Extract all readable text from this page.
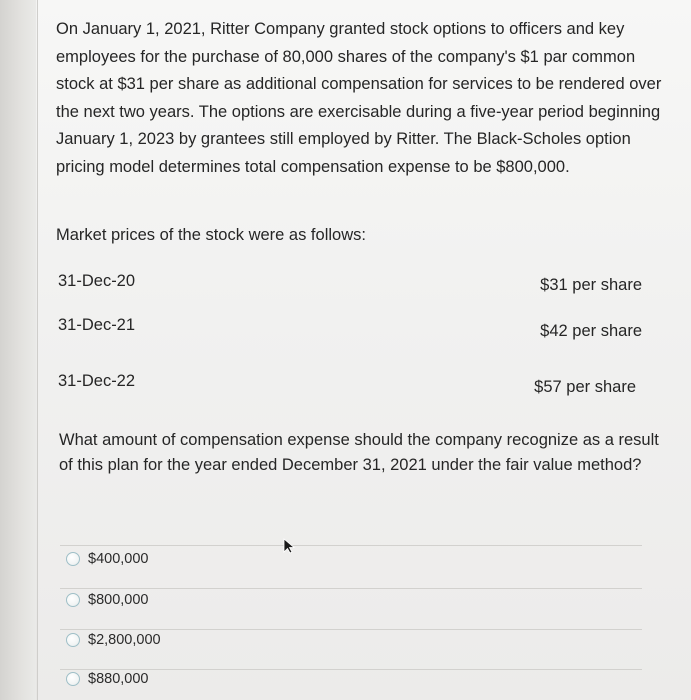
On January 1, 2021, Ritter Company granted stock options to officers and key employees for the purchase of 80,000 shares of the company's $1 par common stock at $31 per share as additional compensation for services to be rendered over the next two years. The options are exercisable during a five-year period beginning January 1, 2023 by grantees still employed by Ritter. The Black-Scholes option pricing model determines total compensation expense to be $800,000.

Market prices of the stock were as follows:

31-Dec-20	$31 per share
31-Dec-21	$42 per share
31-Dec-22	$57 per share

What amount of compensation expense should the company recognize as a result of this plan for the year ended December 31, 2021 under the fair value method?

$400,000
$800,000
$2,800,000
$880,000
